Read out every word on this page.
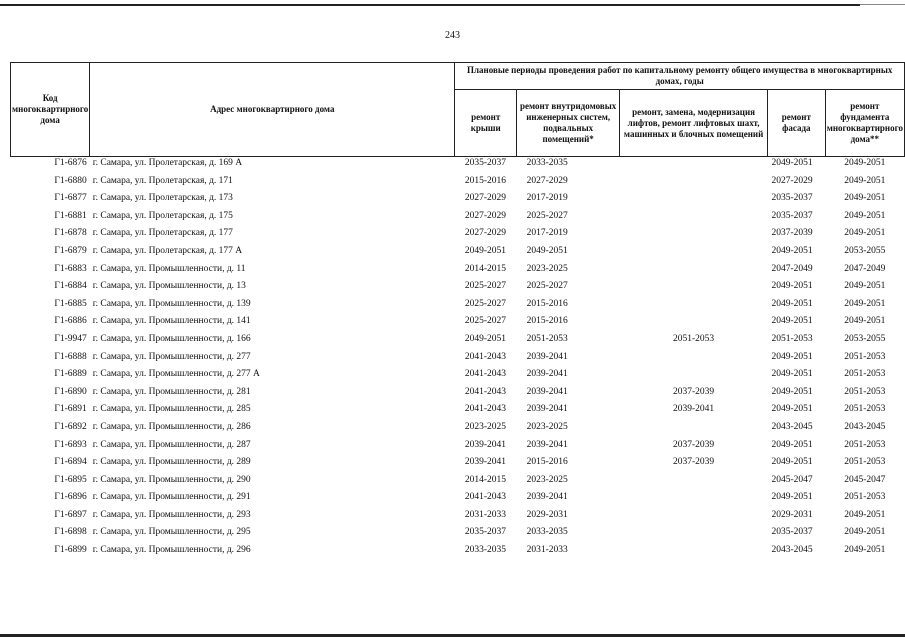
243
Код многоквартирного дома	Адрес многоквартирного дома	Плановые периоды проведения работ по капитальному ремонту общего имущества в многоквартирных домах, годы				
		ремонт крыши	ремонт внутридомовых инженерных систем, подвальных помещений*	ремонт, замена, модернизация лифтов, ремонт лифтовых шахт, машинных и блочных помещений	ремонт фасада	ремонт фундамента многоквартирного дома**
Г1-6876	г. Самара, ул. Пролетарская, д. 169 А	2035-2037	2033-2035		2049-2051	2049-2051
Г1-6880	г. Самара, ул. Пролетарская, д. 171	2015-2016	2027-2029		2027-2029	2049-2051
Г1-6877	г. Самара, ул. Пролетарская, д. 173	2027-2029	2017-2019		2035-2037	2049-2051
Г1-6881	г. Самара, ул. Пролетарская, д. 175	2027-2029	2025-2027		2035-2037	2049-2051
Г1-6878	г. Самара, ул. Пролетарская, д. 177	2027-2029	2017-2019		2037-2039	2049-2051
Г1-6879	г. Самара, ул. Пролетарская, д. 177 А	2049-2051	2049-2051		2049-2051	2053-2055
Г1-6883	г. Самара, ул. Промышленности, д. 11	2014-2015	2023-2025		2047-2049	2047-2049
Г1-6884	г. Самара, ул. Промышленности, д. 13	2025-2027	2025-2027		2049-2051	2049-2051
Г1-6885	г. Самара, ул. Промышленности, д. 139	2025-2027	2015-2016		2049-2051	2049-2051
Г1-6886	г. Самара, ул. Промышленности, д. 141	2025-2027	2015-2016		2049-2051	2049-2051
Г1-9947	г. Самара, ул. Промышленности, д. 166	2049-2051	2051-2053	2051-2053	2051-2053	2053-2055
Г1-6888	г. Самара, ул. Промышленности, д. 277	2041-2043	2039-2041		2049-2051	2051-2053
Г1-6889	г. Самара, ул. Промышленности, д. 277 А	2041-2043	2039-2041		2049-2051	2051-2053
Г1-6890	г. Самара, ул. Промышленности, д. 281	2041-2043	2039-2041	2037-2039	2049-2051	2051-2053
Г1-6891	г. Самара, ул. Промышленности, д. 285	2041-2043	2039-2041	2039-2041	2049-2051	2051-2053
Г1-6892	г. Самара, ул. Промышленности, д. 286	2023-2025	2023-2025		2043-2045	2043-2045
Г1-6893	г. Самара, ул. Промышленности, д. 287	2039-2041	2039-2041	2037-2039	2049-2051	2051-2053
Г1-6894	г. Самара, ул. Промышленности, д. 289	2039-2041	2015-2016	2037-2039	2049-2051	2051-2053
Г1-6895	г. Самара, ул. Промышленности, д. 290	2014-2015	2023-2025		2045-2047	2045-2047
Г1-6896	г. Самара, ул. Промышленности, д. 291	2041-2043	2039-2041		2049-2051	2051-2053
Г1-6897	г. Самара, ул. Промышленности, д. 293	2031-2033	2029-2031		2029-2031	2049-2051
Г1-6898	г. Самара, ул. Промышленности, д. 295	2035-2037	2033-2035		2035-2037	2049-2051
Г1-6899	г. Самара, ул. Промышленности, д. 296	2033-2035	2031-2033		2043-2045	2049-2051
